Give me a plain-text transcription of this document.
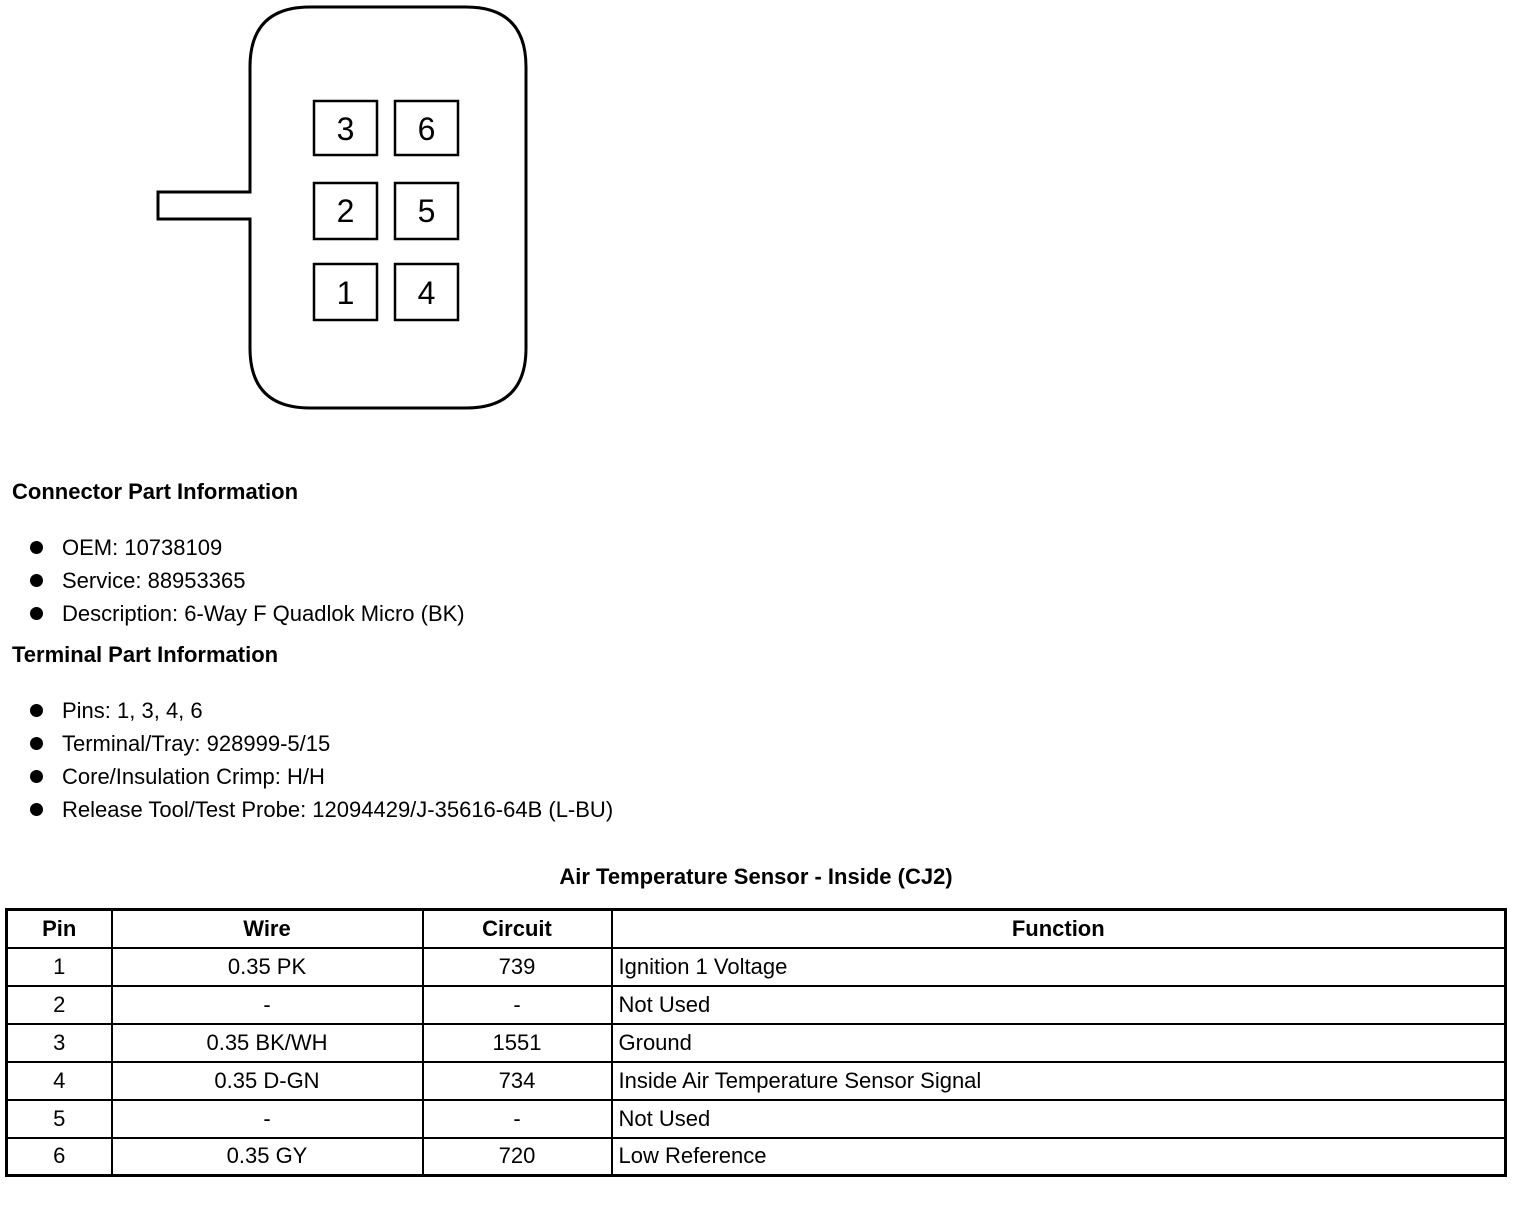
3 6
2 5
1 4
Connector Part Information
OEM: 10738109
Service: 88953365
Description: 6-Way F Quadlok Micro (BK)
Terminal Part Information
Pins: 1, 3, 4, 6
Terminal/Tray: 928999-5/15
Core/Insulation Crimp: H/H
Release Tool/Test Probe: 12094429/J-35616-64B (L-BU)
Air Temperature Sensor - Inside (CJ2)
Pin	Wire	Circuit	Function
1	0.35 PK	739	Ignition 1 Voltage
2	-	-	Not Used
3	0.35 BK/WH	1551	Ground
4	0.35 D-GN	734	Inside Air Temperature Sensor Signal
5	-	-	Not Used
6	0.35 GY	720	Low Reference
